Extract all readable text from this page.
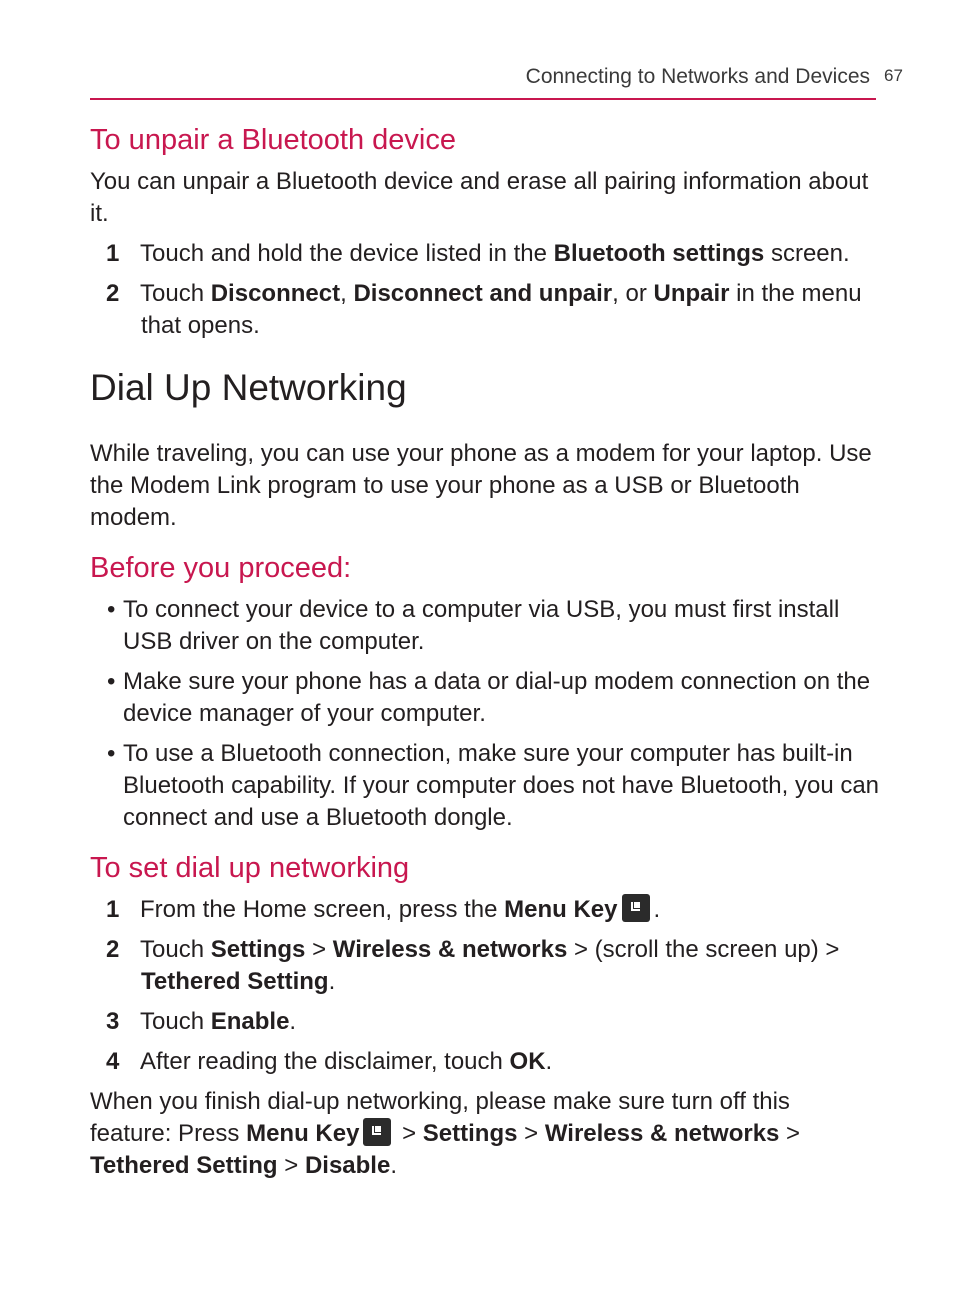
Connecting to Networks and Devices 67
To unpair a Bluetooth device

You can unpair a Bluetooth device and erase all pairing information about it.

1 Touch and hold the device listed in the Bluetooth settings screen.
2 Touch Disconnect, Disconnect and unpair, or Unpair in the menu that opens.
Dial Up Networking

While traveling, you can use your phone as a modem for your laptop. Use the Modem Link program to use your phone as a USB or Bluetooth modem.

Before you proceed:
• To connect your device to a computer via USB, you must first install USB driver on the computer.
• Make sure your phone has a data or dial-up modem connection on the device manager of your computer.
• To use a Bluetooth connection, make sure your computer has built-in Bluetooth capability. If your computer does not have Bluetooth, you can connect and use a Bluetooth dongle.
To set dial up networking
1 From the Home screen, press the Menu Key .
2 Touch Settings > Wireless & networks > (scroll the screen up) > Tethered Setting.
3 Touch Enable.
4 After reading the disclaimer, touch OK.

When you finish dial-up networking, please make sure turn off this feature: Press Menu Key > Settings > Wireless & networks > Tethered Setting > Disable.
